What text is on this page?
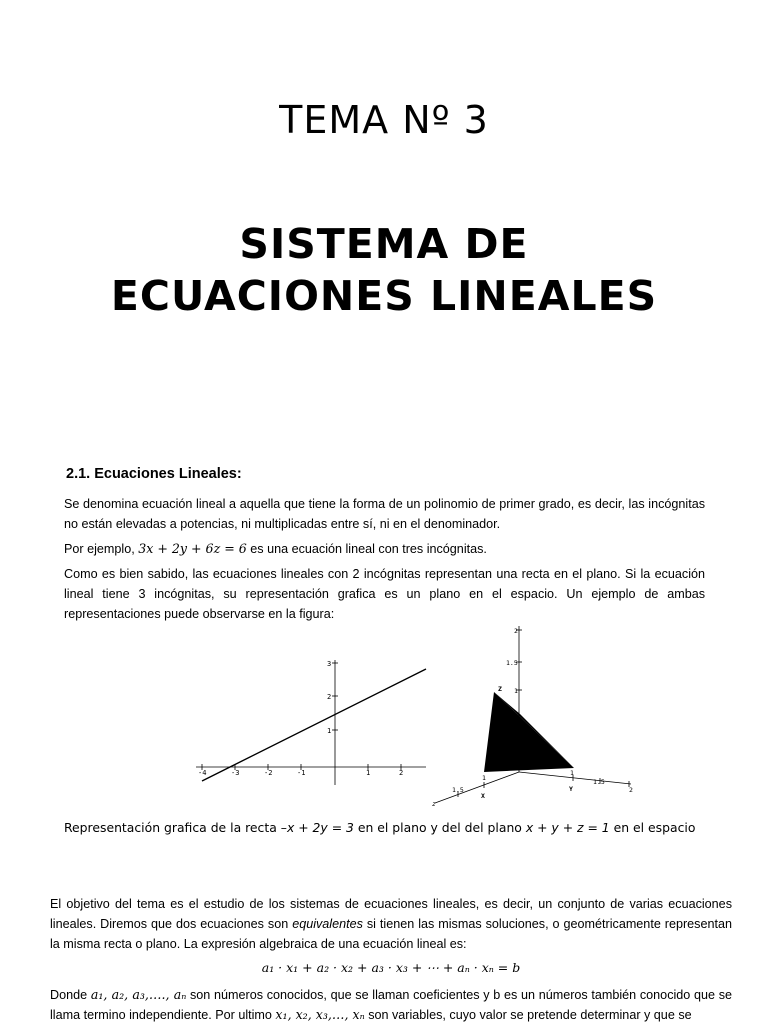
TEMA Nº 3
SISTEMA DE
ECUACIONES LINEALES
2.1. Ecuaciones Lineales:
Se denomina ecuación lineal a aquella que tiene la forma de un polinomio de primer grado, es decir, las incógnitas no están elevadas a potencias, ni multiplicadas entre sí, ni en el denominador.
Por ejemplo, 3x + 2y + 6z = 6 es una ecuación lineal con tres incógnitas.
Como es bien sabido, las ecuaciones lineales con 2 incógnitas representan una recta en el plano. Si la ecuación lineal tiene 3 incógnitas, su representación grafica es un plano en el espacio. Un ejemplo de ambas representaciones puede observarse en la figura:
-4	-3	-2	-1	1	2
3
2
1
2
1.5
1
1
1.5
2
1
1.5
Z
X
Y
z
Representación grafica de la recta –x + 2y = 3 en el plano y del del plano x + y + z = 1 en el espacio
El objetivo del tema es el estudio de los sistemas de ecuaciones lineales, es decir, un conjunto de varias ecuaciones lineales. Diremos que dos ecuaciones son equivalentes si tienen las mismas soluciones, o geométricamente representan la misma recta o plano. La expresión algebraica de una ecuación lineal es:
a₁ · x₁ + a₂ · x₂ + a₃ · x₃ + ⋯ + aₙ · xₙ = b
Donde a₁, a₂, a₃,…., aₙ son números conocidos, que se llaman coeficientes y b es un números también conocido que se llama termino independiente. Por ultimo x₁, x₂, x₃,…, xₙ son variables, cuyo valor se pretende determinar y que se
